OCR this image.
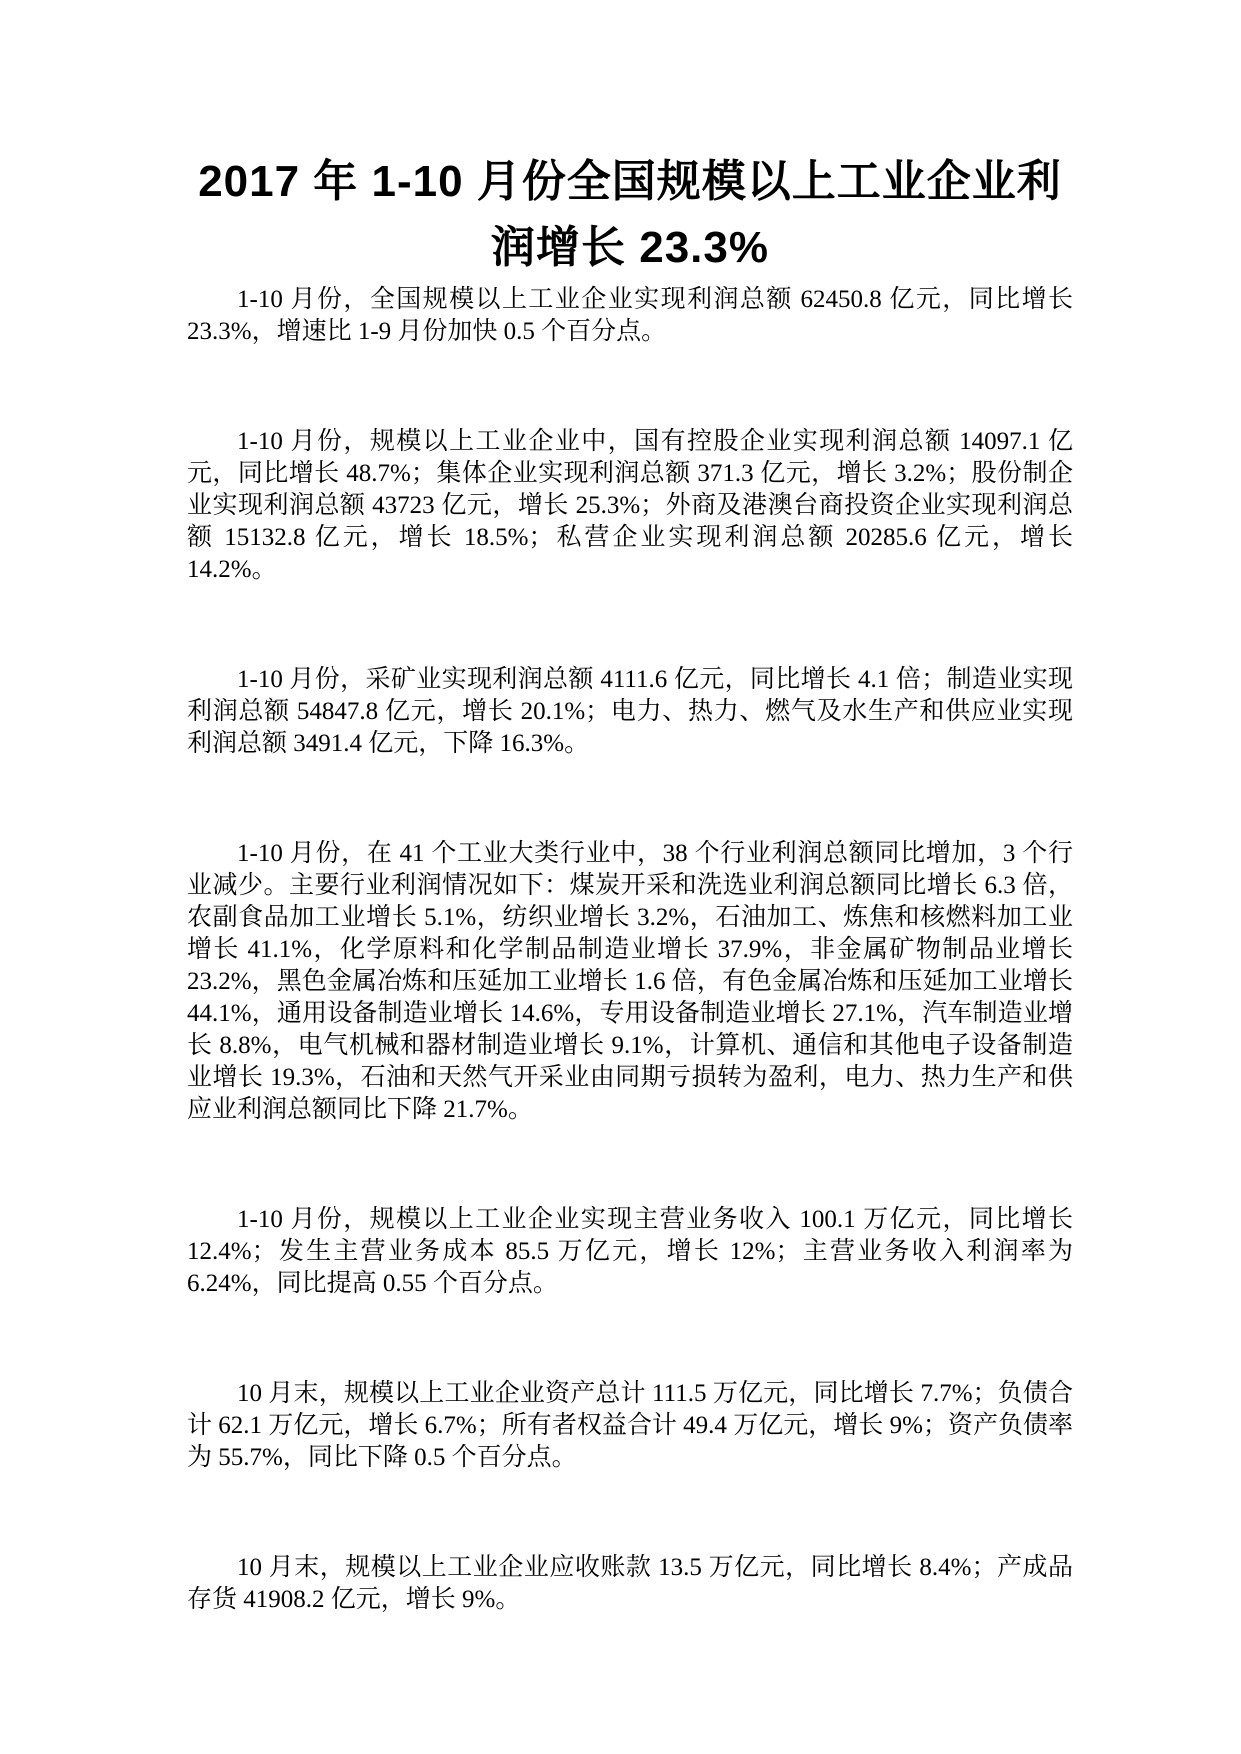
2017 年 1-10 月份全国规模以上工业企业利润增长 23.3%

1-10 月份，全国规模以上工业企业实现利润总额 62450.8 亿元，同比增长 23.3%，增速比 1-9 月份加快 0.5 个百分点。

1-10 月份，规模以上工业企业中，国有控股企业实现利润总额 14097.1 亿元，同比增长 48.7%；集体企业实现利润总额 371.3 亿元，增长 3.2%；股份制企业实现利润总额 43723 亿元，增长 25.3%；外商及港澳台商投资企业实现利润总额 15132.8 亿元，增长 18.5%；私营企业实现利润总额 20285.6 亿元，增长 14.2%。

1-10 月份，采矿业实现利润总额 4111.6 亿元，同比增长 4.1 倍；制造业实现利润总额 54847.8 亿元，增长 20.1%；电力、热力、燃气及水生产和供应业实现利润总额 3491.4 亿元，下降 16.3%。

1-10 月份，在 41 个工业大类行业中，38 个行业利润总额同比增加，3 个行业减少。主要行业利润情况如下：煤炭开采和洗选业利润总额同比增长 6.3 倍，农副食品加工业增长 5.1%，纺织业增长 3.2%，石油加工、炼焦和核燃料加工业增长 41.1%，化学原料和化学制品制造业增长 37.9%，非金属矿物制品业增长 23.2%，黑色金属冶炼和压延加工业增长 1.6 倍，有色金属冶炼和压延加工业增长 44.1%，通用设备制造业增长 14.6%，专用设备制造业增长 27.1%，汽车制造业增长 8.8%，电气机械和器材制造业增长 9.1%，计算机、通信和其他电子设备制造业增长 19.3%，石油和天然气开采业由同期亏损转为盈利，电力、热力生产和供应业利润总额同比下降 21.7%。

1-10 月份，规模以上工业企业实现主营业务收入 100.1 万亿元，同比增长 12.4%；发生主营业务成本 85.5 万亿元，增长 12%；主营业务收入利润率为 6.24%，同比提高 0.55 个百分点。

10 月末，规模以上工业企业资产总计 111.5 万亿元，同比增长 7.7%；负债合计 62.1 万亿元，增长 6.7%；所有者权益合计 49.4 万亿元，增长 9%；资产负债率为 55.7%，同比下降 0.5 个百分点。

10 月末，规模以上工业企业应收账款 13.5 万亿元，同比增长 8.4%；产成品存货 41908.2 亿元，增长 9%。
